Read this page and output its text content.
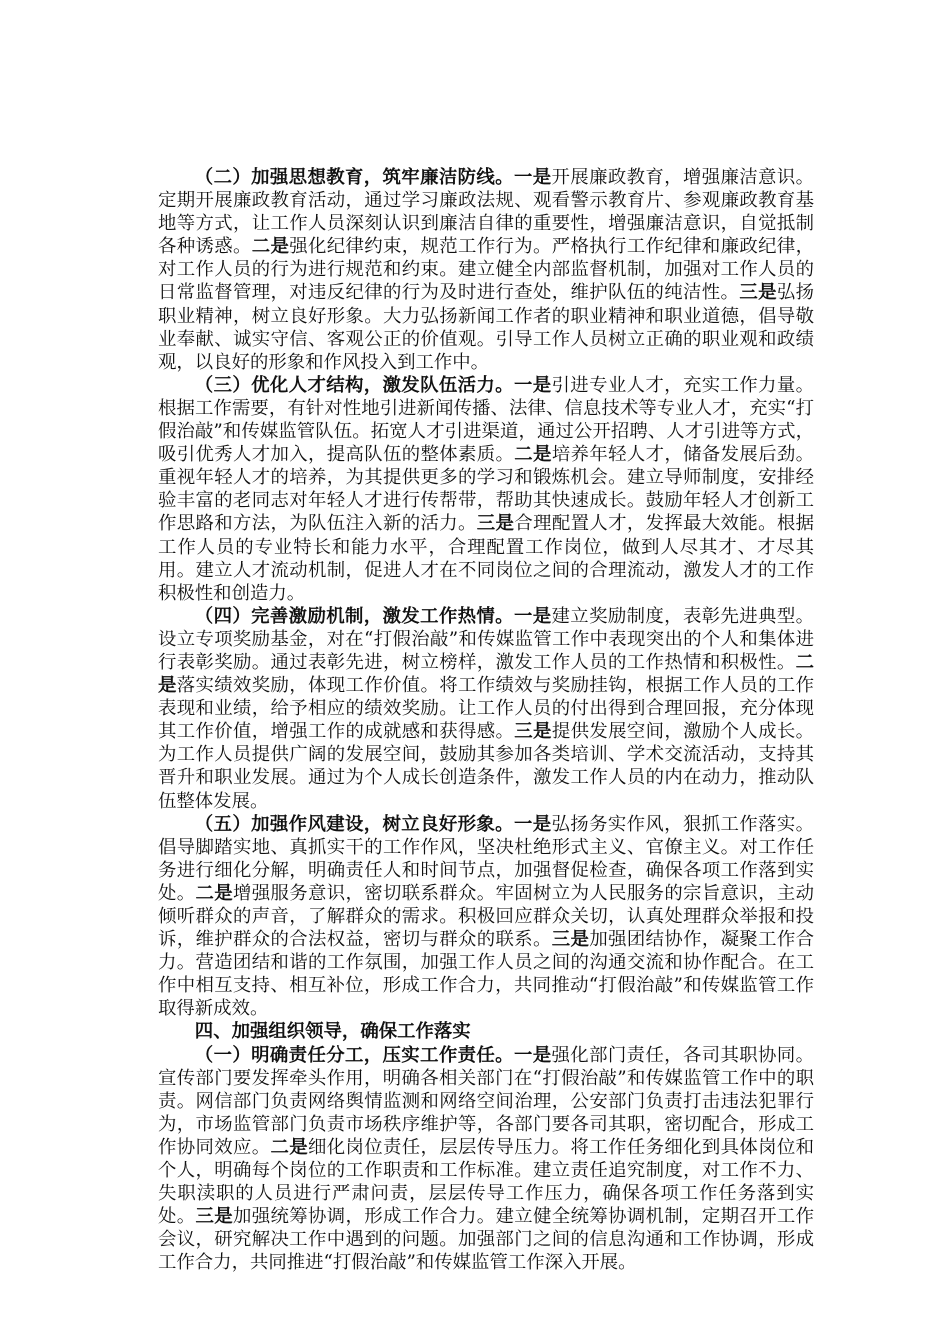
（二）加强思想教育，筑牢廉洁防线。一是开展廉政教育，增强廉洁意识。定期开展廉政教育活动，通过学习廉政法规、观看警示教育片、参观廉政教育基地等方式，让工作人员深刻认识到廉洁自律的重要性，增强廉洁意识，自觉抵制各种诱惑。二是强化纪律约束，规范工作行为。严格执行工作纪律和廉政纪律，对工作人员的行为进行规范和约束。建立健全内部监督机制，加强对工作人员的日常监督管理，对违反纪律的行为及时进行查处，维护队伍的纯洁性。三是弘扬职业精神，树立良好形象。大力弘扬新闻工作者的职业精神和职业道德，倡导敬业奉献、诚实守信、客观公正的价值观。引导工作人员树立正确的职业观和政绩观，以良好的形象和作风投入到工作中。

（三）优化人才结构，激发队伍活力。一是引进专业人才，充实工作力量。根据工作需要，有针对性地引进新闻传播、法律、信息技术等专业人才，充实“打假治敲”和传媒监管队伍。拓宽人才引进渠道，通过公开招聘、人才引进等方式，吸引优秀人才加入，提高队伍的整体素质。二是培养年轻人才，储备发展后劲。重视年轻人才的培养，为其提供更多的学习和锻炼机会。建立导师制度，安排经验丰富的老同志对年轻人才进行传帮带，帮助其快速成长。鼓励年轻人才创新工作思路和方法，为队伍注入新的活力。三是合理配置人才，发挥最大效能。根据工作人员的专业特长和能力水平，合理配置工作岗位，做到人尽其才、才尽其用。建立人才流动机制，促进人才在不同岗位之间的合理流动，激发人才的工作积极性和创造力。

（四）完善激励机制，激发工作热情。一是建立奖励制度，表彰先进典型。设立专项奖励基金，对在“打假治敲”和传媒监管工作中表现突出的个人和集体进行表彰奖励。通过表彰先进，树立榜样，激发工作人员的工作热情和积极性。二是落实绩效奖励，体现工作价值。将工作绩效与奖励挂钩，根据工作人员的工作表现和业绩，给予相应的绩效奖励。让工作人员的付出得到合理回报，充分体现其工作价值，增强工作的成就感和获得感。三是提供发展空间，激励个人成长。为工作人员提供广阔的发展空间，鼓励其参加各类培训、学术交流活动，支持其晋升和职业发展。通过为个人成长创造条件，激发工作人员的内在动力，推动队伍整体发展。

（五）加强作风建设，树立良好形象。一是弘扬务实作风，狠抓工作落实。倡导脚踏实地、真抓实干的工作作风，坚决杜绝形式主义、官僚主义。对工作任务进行细化分解，明确责任人和时间节点，加强督促检查，确保各项工作落到实处。二是增强服务意识，密切联系群众。牢固树立为人民服务的宗旨意识，主动倾听群众的声音，了解群众的需求。积极回应群众关切，认真处理群众举报和投诉，维护群众的合法权益，密切与群众的联系。三是加强团结协作，凝聚工作合力。营造团结和谐的工作氛围，加强工作人员之间的沟通交流和协作配合。在工作中相互支持、相互补位，形成工作合力，共同推动“打假治敲”和传媒监管工作取得新成效。

四、加强组织领导，确保工作落实

（一）明确责任分工，压实工作责任。一是强化部门责任，各司其职协同。宣传部门要发挥牵头作用，明确各相关部门在“打假治敲”和传媒监管工作中的职责。网信部门负责网络舆情监测和网络空间治理，公安部门负责打击违法犯罪行为，市场监管部门负责市场秩序维护等，各部门要各司其职，密切配合，形成工作协同效应。二是细化岗位责任，层层传导压力。将工作任务细化到具体岗位和个人，明确每个岗位的工作职责和工作标准。建立责任追究制度，对工作不力、失职渎职的人员进行严肃问责，层层传导工作压力，确保各项工作任务落到实处。三是加强统筹协调，形成工作合力。建立健全统筹协调机制，定期召开工作会议，研究解决工作中遇到的问题。加强部门之间的信息沟通和工作协调，形成工作合力，共同推进“打假治敲”和传媒监管工作深入开展。
